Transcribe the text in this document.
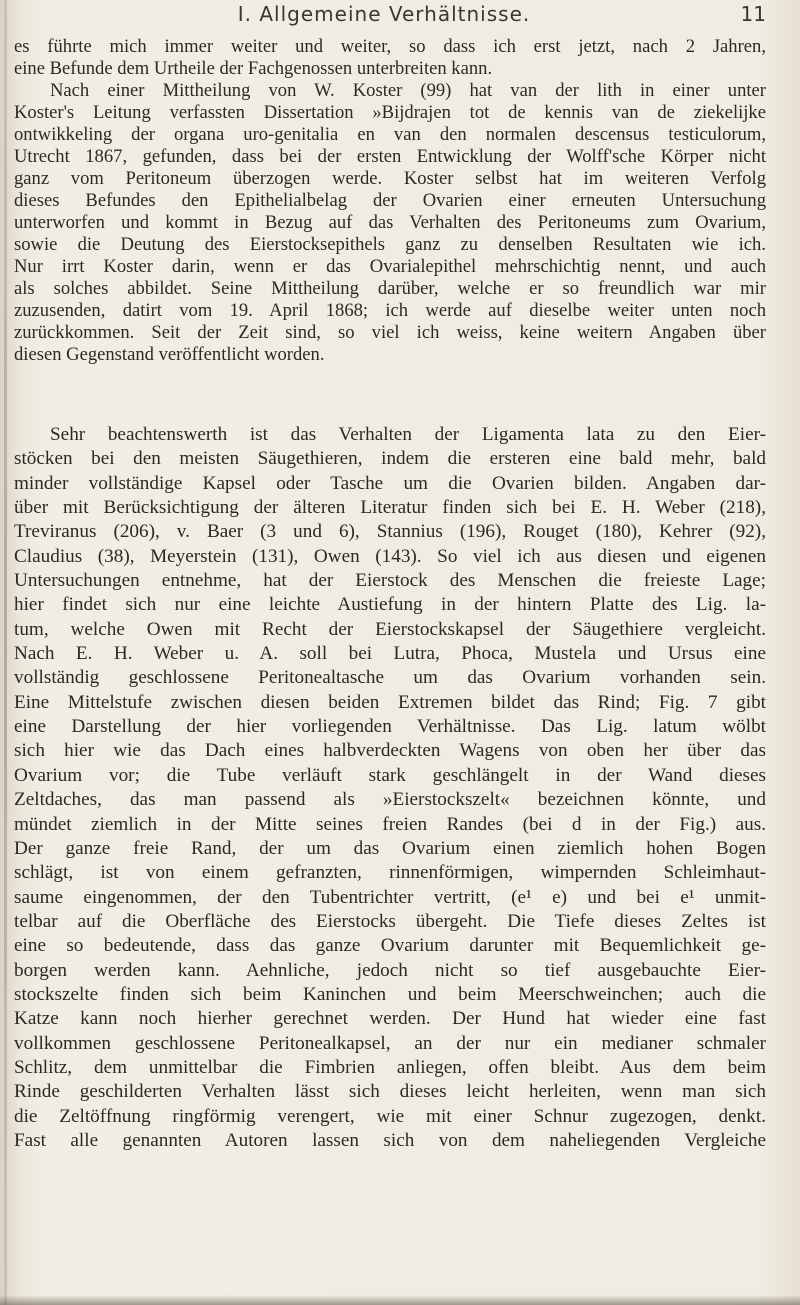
I. Allgemeine Verhältnisse.	11
es führte mich immer weiter und weiter, so dass ich erst jetzt, nach 2 Jahren,
eine Befunde dem Urtheile der Fachgenossen unterbreiten kann.
Nach einer Mittheilung von W. Koster (99) hat van der lith in einer unter
Koster's Leitung verfassten Dissertation »Bijdrajen tot de kennis van de ziekelijke
ontwikkeling der organa uro-genitalia en van den normalen descensus testiculorum,
Utrecht 1867, gefunden, dass bei der ersten Entwicklung der Wolff'sche Körper nicht
ganz vom Peritoneum überzogen werde. Koster selbst hat im weiteren Verfolg
dieses Befundes den Epithelialbelag der Ovarien einer erneuten Untersuchung
unterworfen und kommt in Bezug auf das Verhalten des Peritoneums zum Ovarium,
sowie die Deutung des Eierstocksepithels ganz zu denselben Resultaten wie ich.
Nur irrt Koster darin, wenn er das Ovarialepithel mehrschichtig nennt, und auch
als solches abbildet. Seine Mittheilung darüber, welche er so freundlich war mir
zuzusenden, datirt vom 19. April 1868; ich werde auf dieselbe weiter unten noch
zurückkommen. Seit der Zeit sind, so viel ich weiss, keine weitern Angaben über
diesen Gegenstand veröffentlicht worden.
Sehr beachtenswerth ist das Verhalten der Ligamenta lata zu den Eier-
stöcken bei den meisten Säugethieren, indem die ersteren eine bald mehr, bald
minder vollständige Kapsel oder Tasche um die Ovarien bilden. Angaben dar-
über mit Berücksichtigung der älteren Literatur finden sich bei E. H. Weber (218),
Treviranus (206), v. Baer (3 und 6), Stannius (196), Rouget (180), Kehrer (92),
Claudius (38), Meyerstein (131), Owen (143). So viel ich aus diesen und eigenen
Untersuchungen entnehme, hat der Eierstock des Menschen die freieste Lage;
hier findet sich nur eine leichte Austiefung in der hintern Platte des Lig. la-
tum, welche Owen mit Recht der Eierstockskapsel der Säugethiere vergleicht.
Nach E. H. Weber u. A. soll bei Lutra, Phoca, Mustela und Ursus eine
vollständig geschlossene Peritonealtasche um das Ovarium vorhanden sein.
Eine Mittelstufe zwischen diesen beiden Extremen bildet das Rind; Fig. 7 gibt
eine Darstellung der hier vorliegenden Verhältnisse. Das Lig. latum wölbt
sich hier wie das Dach eines halbverdeckten Wagens von oben her über das
Ovarium vor; die Tube verläuft stark geschlängelt in der Wand dieses
Zeltdaches, das man passend als »Eierstockszelt« bezeichnen könnte, und
mündet ziemlich in der Mitte seines freien Randes (bei d in der Fig.) aus.
Der ganze freie Rand, der um das Ovarium einen ziemlich hohen Bogen
schlägt, ist von einem gefranzten, rinnenförmigen, wimpernden Schleimhaut-
saume eingenommen, der den Tubentrichter vertritt, (e¹ e) und bei e¹ unmit-
telbar auf die Oberfläche des Eierstocks übergeht. Die Tiefe dieses Zeltes ist
eine so bedeutende, dass das ganze Ovarium darunter mit Bequemlichkeit ge-
borgen werden kann. Aehnliche, jedoch nicht so tief ausgebauchte Eier-
stockszelte finden sich beim Kaninchen und beim Meerschweinchen; auch die
Katze kann noch hierher gerechnet werden. Der Hund hat wieder eine fast
vollkommen geschlossene Peritonealkapsel, an der nur ein medianer schmaler
Schlitz, dem unmittelbar die Fimbrien anliegen, offen bleibt. Aus dem beim
Rinde geschilderten Verhalten lässt sich dieses leicht herleiten, wenn man sich
die Zeltöffnung ringförmig verengert, wie mit einer Schnur zugezogen, denkt.
Fast alle genannten Autoren lassen sich von dem naheliegenden Vergleiche
